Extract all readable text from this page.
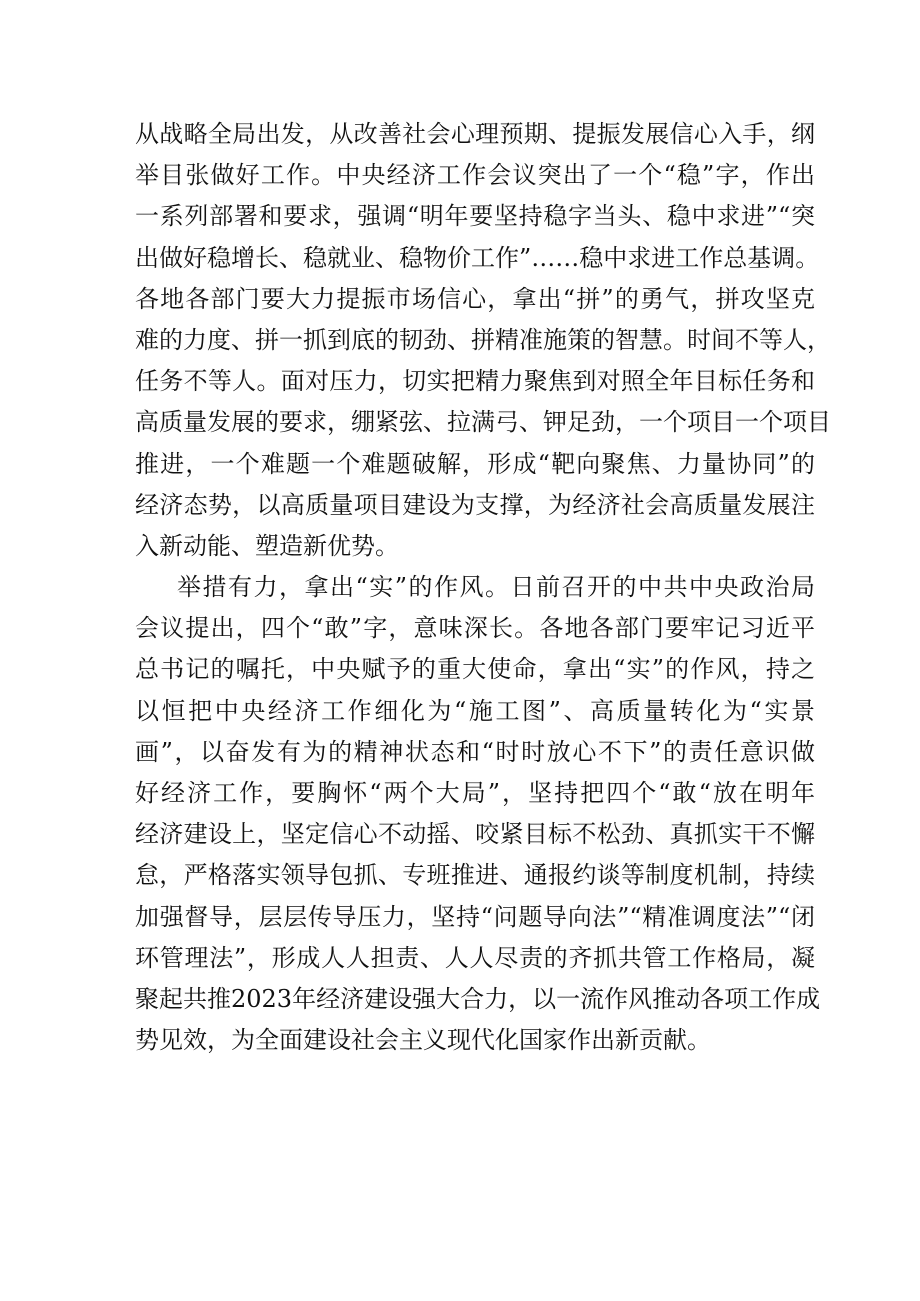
从战略全局出发，从改善社会心理预期、提振发展信心入手，纲
举目张做好工作。中央经济工作会议突出了一个“稳”字，作出
一系列部署和要求，强调“明年要坚持稳字当头、稳中求进”“突
出做好稳增长、稳就业、稳物价工作”……稳中求进工作总基调。
各地各部门要大力提振市场信心，拿出“拼”的勇气，拼攻坚克
难的力度、拼一抓到底的韧劲、拼精准施策的智慧。时间不等人，
任务不等人。面对压力，切实把精力聚焦到对照全年目标任务和
高质量发展的要求，绷紧弦、拉满弓、钾足劲，一个项目一个项目
推进，一个难题一个难题破解，形成“靶向聚焦、力量协同”的
经济态势，以高质量项目建设为支撑，为经济社会高质量发展注
入新动能、塑造新优势。
举措有力，拿出“实”的作风。日前召开的中共中央政治局
会议提出，四个“敢”字，意味深长。各地各部门要牢记习近平
总书记的嘱托，中央赋予的重大使命，拿出“实”的作风，持之
以恒把中央经济工作细化为“施工图”、高质量转化为“实景
画”，以奋发有为的精神状态和“时时放心不下”的责任意识做
好经济工作，要胸怀“两个大局”，坚持把四个“敢“放在明年
经济建设上，坚定信心不动摇、咬紧目标不松劲、真抓实干不懈
怠，严格落实领导包抓、专班推进、通报约谈等制度机制，持续
加强督导，层层传导压力，坚持“问题导向法”“精准调度法”“闭
环管理法”，形成人人担责、人人尽责的齐抓共管工作格局，凝
聚起共推2023年经济建设强大合力，以一流作风推动各项工作成
势见效，为全面建设社会主义现代化国家作出新贡献。
